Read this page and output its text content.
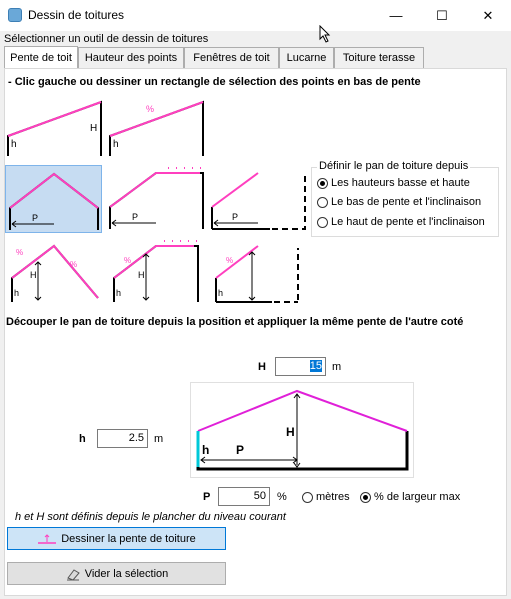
Dessin de toitures	—	☐	✕
Sélectionner un outil de dessin de toitures
Pente de toit	Hauteur des points	Fenêtres de toit	Lucarne	Toiture terasse
- Clic gauche ou dessiner un rectangle de sélection des points en bas de pente
h
H
h
%
P	P	P
Définir le pan de toiture depuis
Les hauteurs basse et haute
Le bas de pente et l'inclinaison
Le haut de pente et l'inclinaison
%
%
h
H
%
h
H
%
h
Découper le pan de toiture depuis la position et appliquer la même pente de l'autre coté
H	15 m
h	2.5 m	H
h P
P	50	%	mètres % de largeur max
h et H sont définis depuis le plancher du niveau courant
Dessiner la pente de toiture
Vider la sélection
